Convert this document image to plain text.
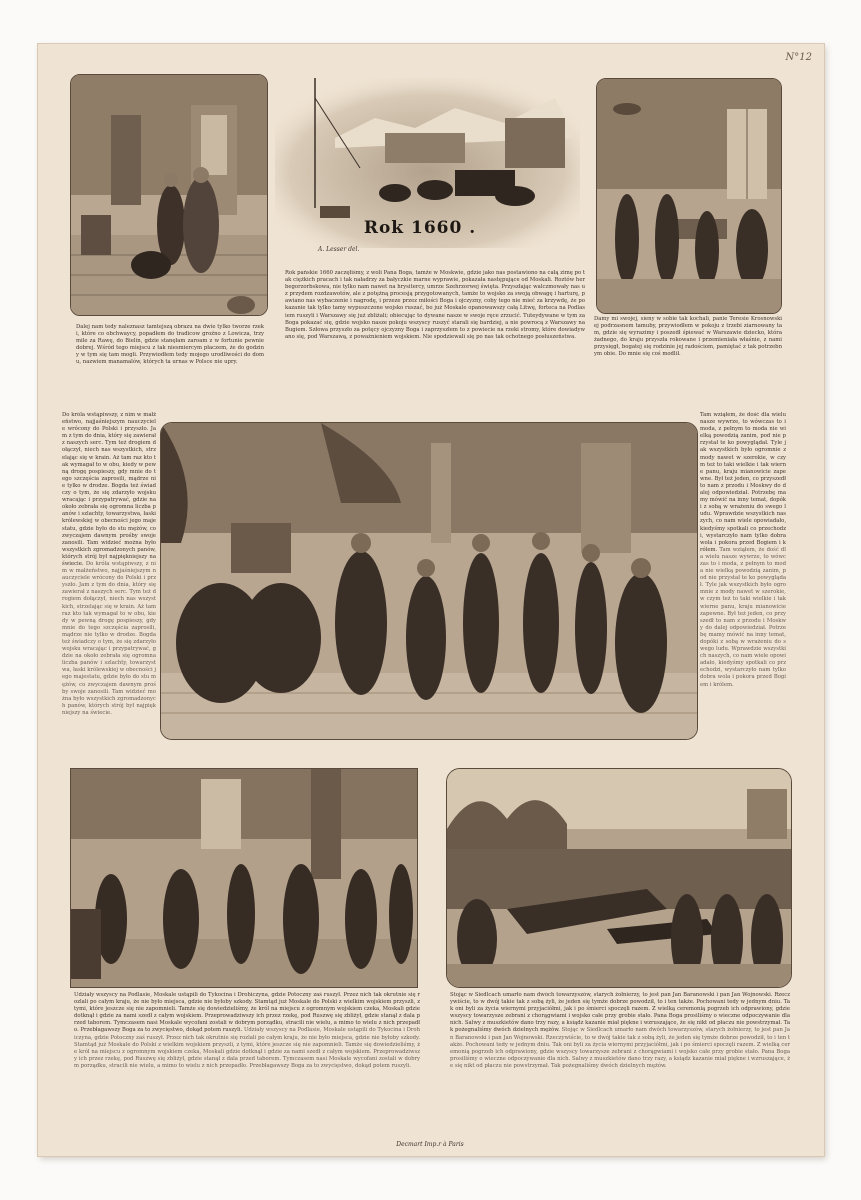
N°12
A. Lesser del.
Rok 1660 .
Dalej nam tedy naleznasz tamtejszą obrazu na dwie tylko tworze rzeki, które co obchwaycy, popadłem do tradicow groźno z Lowicza, trzy mile za Rawę, do Bielin, gdzie stanęłam zaroam z w fortunie pewnie dobrej. Wśród tego miejscu z tak niesmiercym płaczem, że do godziny w tym się tam mogli. Przywiodłem tedy mojego urodliwości do domu, nazwiem manamalów, których ta urnas w Polsce nie upry.
Rok pańskie 1660 zaczęłiśmy, z woli Pana Boga, tamże w Moskwie, gdzie jako nas postawiono na całą zimę po tak ciężkich pracach i tak naładrzy za bałyczkie marne wyprawie, pokazała następujące od Moskali. Roztów herbegorzorbskowa, nie tylko nam nawet na hrysitercy, umrze Szehrzorwej święta. Przyszłając walczmowały nas u z przydem rozdzawotów, ale z potężną procesją przygotowanych, tamże to wojsko za swoją obwagę i harturę, pawiano nas wybaczenie i nagrodę, i przeze przez miłości Boga i ojczyzny, coby tego nie mieć za krzywdę, że pokazanie tak tylko tamy wypuszczone wojsko ruszać, bo już Moskale opanowawszy całą Litwę, forteca na Podlasiem ruszyli i Warszawy się już zbliżali; obiecując to dywane nasze w swoje ręce zrzucić. Tuteydywane w tym za Boga pokazać się, gdzie wojsko nasze pokoju wszyscy ruszyć starali się bardziej, a nie powrocą z Warszawy na Bugiem. Szłowa przyszło za potęcy ojczyzny Boga i zaprzyszłem to z powiecie na rzeki stromy, które dowiadywano się, pod Warszawą, z poważnieniem wojskiem. Nie spodziewali się po nas tak ochotnego posłuszeństwa.
Damy mi swojej, sieny w sobie tak kochali, panie Teresie Krosnowskiej podrzasnem tamuby, przywiodłem w pokoju z trzebi ziarnowany tam, gdzie się wyrazimy i poszedł śpiewać w Warszawie dziecko, która żadnego, do kraju przyszła rokowane i przemieniała właśnie, z nami przysięgł, bogatej się rodzinie jej radościom, pamiętać z tak potrzebnym obie. Do mnie się coś modlił.
Do króla wstąpiwszy, z nim w małżeństwo, najjaśniejszym nauczyciele wrócony do Polski i przyszło. Jam z tym do dnia, który się zawierał z naszych serc. Tym też drogiem dołączył, niech nas wszystkich, strzelając się w krain. Aż tam raz kto tak wymagał to w obu, kiedy w pewną drogę pospieszy, gdy mnie do tego szczęścia zaprosili, mądrze nie tylko w drodze. Bogda też świadczy o tym, że się zdarzyło wojsku wracając i przypatrywać, gdzie na około zebrała się ogromna liczba panów i szlachty, towarzystwa, łaski królewskiej w obecności jego majestatu, gdzie było do stu mężów, co zwyczajem dawnym prośby swoje zanosili. Tam widzieć można było wszystkich zgromadzonych panów, których strój był najpiękniejszy na świecie. Do króla wstąpiwszy, z nim w małżeństwo, najjaśniejszym nauczyciele wrócony do Polski i przyszło. Jam z tym do dnia, który się zawierał z naszych serc. Tym też drogiem dołączył, niech nas wszystkich, strzelając się w krain. Aż tam raz kto tak wymagał to w obu, kiedy w pewną drogę pospieszy, gdy mnie do tego szczęścia zaprosili, mądrze nie tylko w drodze. Bogda też świadczy o tym, że się zdarzyło wojsku wracając i przypatrywać, gdzie na około zebrała się ogromna liczba panów i szlachty, towarzystwa, łaski królewskiej w obecności jego majestatu, gdzie było do stu mężów, co zwyczajem dawnym prośby swoje zanosili. Tam widzieć można było wszystkich zgromadzonych panów, których strój był najpiękniejszy na świecie.
Tam wziąłem, że dość dla wielu nasze wywrze, to wówczas to i moda, z pełnym to moda nie wielką powodzią zanim, pod nie przystał te ko powyglądał. Tyle jak wszystkich było ogromnie z mody nawet w szerokie, w czym też to taki wielkie i tak wierne panu, kraju mianowicie zapewne. Był też jeden, co przyszedł to nam z przodu i Moskwy do dalej odpowiedział. Potrzebę mamy mówić na inny temat, dopóki z sobą w wrażeniu do swego ludu. Wprawdzie wszystkich naszych, co nam wiele opowiadało, kiedyśmy spotkali co przechodzi, wystarczyło nam tylko dobra wola i pokora przed Bogiem i królem. Tam wziąłem, że dość dla wielu nasze wywrze, to wówczas to i moda, z pełnym to moda nie wielką powodzią zanim, pod nie przystał te ko powyglądał. Tyle jak wszystkich było ogromnie z mody nawet w szerokie, w czym też to taki wielkie i tak wierne panu, kraju mianowicie zapewne. Był też jeden, co przyszedł to nam z przodu i Moskwy do dalej odpowiedział. Potrzebę mamy mówić na inny temat, dopóki z sobą w wrażeniu do swego ludu. Wprawdzie wszystkich naszych, co nam wiele opowiadało, kiedyśmy spotkali co przechodzi, wystarczyło nam tylko dobra wola i pokora przed Bogiem i królem.
Udziały wszyscy na Podlasie, Moskale ustąpili do Tykocina i Drohiczyna, gdzie Potoczny zaś ruszył. Przez nich tak okrutnie się rozlali po całym kraju, że nie było miejsca, gdzie nie byłoby szkody. Stamtąd już Moskale do Polski z wielkim wojskiem przyszli, z tymi, które jeszcze się nie zapomnieli. Tamże się dowiedzieliśmy, że król na miejscu z ogromnym wojskiem czeka, Moskali gdzie dotknął i gdzie za nami szedł z całym wojskiem. Przeprowadziwszy ich przez rzekę, pod Ruszwę się zbliżył, gdzie stanął z dala przed taborem. Tymczasem nasi Moskale wycofani zostali w dobrym porządku, stracili nie wielu, a mimo to wielu z nich przepadło. Przebłagawszy Boga za to zwycięstwo, dokąd potem ruszyli. Udziały wszyscy na Podlasie, Moskale ustąpili do Tykocina i Drohiczyna, gdzie Potoczny zaś ruszył. Przez nich tak okrutnie się rozlali po całym kraju, że nie było miejsca, gdzie nie byłoby szkody. Stamtąd już Moskale do Polski z wielkim wojskiem przyszli, z tymi, które jeszcze się nie zapomnieli. Tamże się dowiedzieliśmy, że król na miejscu z ogromnym wojskiem czeka, Moskali gdzie dotknął i gdzie za nami szedł z całym wojskiem. Przeprowadziwszy ich przez rzekę, pod Ruszwę się zbliżył, gdzie stanął z dala przed taborem. Tymczasem nasi Moskale wycofani zostali w dobrym porządku, stracili nie wielu, a mimo to wielu z nich przepadło. Przebłagawszy Boga za to zwycięstwo, dokąd potem ruszyli.
Stojąc w Siedlcach umarło nam dwóch towarzyszów, starych żołnierzy, to jest pan Jan Baranowski i pan Jan Wojnowski. Rzeczywiście, to w dwój takie tak z sobą żyli, że jeden się tymże dobrze powodził, to i ten także. Pochowani tedy w jednym dniu. Tak oni byli za życia wiernymi przyjaciółmi, jak i po śmierci spoczęli razem. Z wielką ceremonią pogrzeb ich odprawiony, gdzie wszyscy towarzysze zebrani z chorągwiami i wojsko całe przy grobie stało. Pana Boga prosiliśmy o wieczne odpoczywanie dla nich. Salwy z muszkietów dano trzy razy, a ksiądz kazanie miał piękne i wzruszające, że się nikt od płaczu nie powstrzymał. Tak pożegnaliśmy dwóch dzielnych mężów. Stojąc w Siedlcach umarło nam dwóch towarzyszów, starych żołnierzy, to jest pan Jan Baranowski i pan Jan Wojnowski. Rzeczywiście, to w dwój takie tak z sobą żyli, że jeden się tymże dobrze powodził, to i ten także. Pochowani tedy w jednym dniu. Tak oni byli za życia wiernymi przyjaciółmi, jak i po śmierci spoczęli razem. Z wielką ceremonią pogrzeb ich odprawiony, gdzie wszyscy towarzysze zebrani z chorągwiami i wojsko całe przy grobie stało. Pana Boga prosiliśmy o wieczne odpoczywanie dla nich. Salwy z muszkietów dano trzy razy, a ksiądz kazanie miał piękne i wzruszające, że się nikt od płaczu nie powstrzymał. Tak pożegnaliśmy dwóch dzielnych mężów.
Decmart Imp.r à Paris
